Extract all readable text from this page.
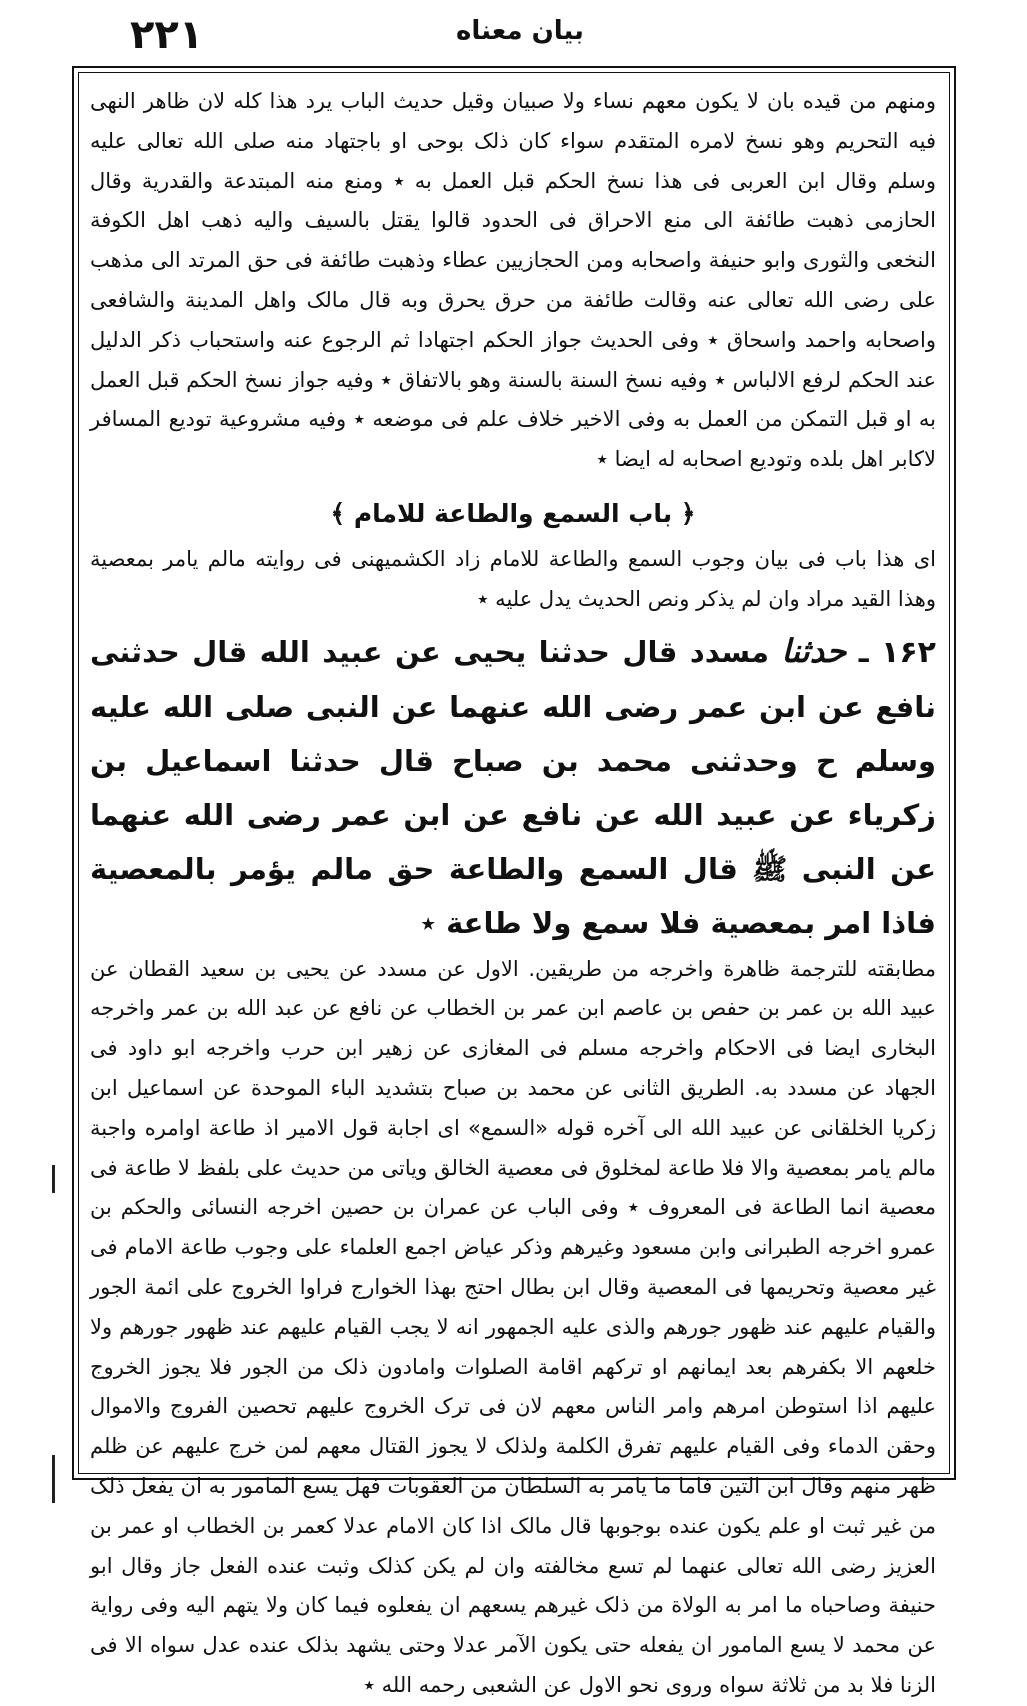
۲۲۱	بیان معناه

ومنهم من قیده بان لا یکون معهم نساء ولا صبیان وقیل حدیث الباب یرد هذا کله لان ظاهر النهی فیه التحریم وهو نسخ لامره المتقدم سواء کان ذلک بوحی او باجتهاد منه صلی الله تعالی علیه وسلم وقال ابن العربی فی هذا نسخ الحکم قبل العمل به ٭ ومنع منه المبتدعة والقدریة وقال الحازمی ذهبت طائفة الی منع الاحراق فی الحدود قالوا یقتل بالسیف والیه ذهب اهل الکوفة النخعی والثوری وابو حنیفة واصحابه ومن الحجازیین عطاء وذهبت طائفة فی حق المرتد الی مذهب علی رضی الله تعالی عنه وقالت طائفة من حرق یحرق وبه قال مالک واهل المدینة والشافعی واصحابه واحمد واسحاق ٭ وفی الحدیث جواز الحکم اجتهادا ثم الرجوع عنه واستحباب ذکر الدلیل عند الحکم لرفع الالباس ٭ وفیه نسخ السنة بالسنة وهو بالاتفاق ٭ وفیه جواز نسخ الحکم قبل العمل به او قبل التمکن من العمل به وفی الاخیر خلاف علم فی موضعه ٭ وفیه مشروعیة تودیع المسافر لاکابر اهل بلده وتودیع اصحابه له ایضا ٭

﴿ باب السمع والطاعة للامام ﴾

ای هذا باب فی بیان وجوب السمع والطاعة للامام زاد الکشمیهنی فی روایته مالم یامر بمعصیة وهذا القید مراد وان لم یذکر ونص الحدیث یدل علیه ٭

۱۶۲ ـ حدثنا مسدد قال حدثنا یحیی عن عبید الله قال حدثنی نافع عن ابن عمر رضی الله عنهما عن النبی صلی الله علیه وسلم ح وحدثنی محمد بن صباح قال حدثنا اسماعیل بن زکریاء عن عبید الله عن نافع عن ابن عمر رضی الله عنهما عن النبی ﷺ قال السمع والطاعة حق مالم یؤمر بالمعصیة فاذا امر بمعصیة فلا سمع ولا طاعة ٭

مطابقته للترجمة ظاهرة واخرجه من طریقین. الاول عن مسدد عن یحیی بن سعید القطان عن عبید الله بن عمر بن حفص بن عاصم ابن عمر بن الخطاب عن نافع عن عبد الله بن عمر واخرجه البخاری ایضا فی الاحکام واخرجه مسلم فی المغازی عن زهیر ابن حرب واخرجه ابو داود فی الجهاد عن مسدد به. الطریق الثانی عن محمد بن صباح بتشدید الباء الموحدة عن اسماعیل ابن زکریا الخلقانی عن عبید الله الی آخره قوله «السمع» ای اجابة قول الامیر اذ طاعة اوامره واجبة مالم یامر بمعصیة والا فلا طاعة لمخلوق فی معصیة الخالق ویاتی من حدیث علی بلفظ لا طاعة فی معصیة انما الطاعة فی المعروف ٭ وفی الباب عن عمران بن حصین اخرجه النسائی والحکم بن عمرو اخرجه الطبرانی وابن مسعود وغیرهم وذکر عیاض اجمع العلماء علی وجوب طاعة الامام فی غیر معصیة وتحریمها فی المعصیة وقال ابن بطال احتج بهذا الخوارج فراوا الخروج علی ائمة الجور والقیام علیهم عند ظهور جورهم والذی علیه الجمهور انه لا یجب القیام علیهم عند ظهور جورهم ولا خلعهم الا بکفرهم بعد ایمانهم او ترکهم اقامة الصلوات وامادون ذلک من الجور فلا یجوز الخروج علیهم اذا استوطن امرهم وامر الناس معهم لان فی ترک الخروج علیهم تحصین الفروج والاموال وحقن الدماء وفی القیام علیهم تفرق الکلمة ولذلک لا یجوز القتال معهم لمن خرج علیهم عن ظلم ظهر منهم وقال ابن التین فاما ما یامر به السلطان من العقوبات فهل یسع المامور به ان یفعل ذلک من غیر ثبت او علم یکون عنده بوجوبها قال مالک اذا کان الامام عدلا کعمر بن الخطاب او عمر بن العزیز رضی الله تعالی عنهما لم تسع مخالفته وان لم یکن کذلک وثبت عنده الفعل جاز وقال ابو حنیفة وصاحباه ما امر به الولاة من ذلک غیرهم یسعهم ان یفعلوه فیما کان ولا یتهم الیه وفی روایة عن محمد لا یسع المامور ان یفعله حتی یکون الآمر عدلا وحتی یشهد بذلک عنده عدل سواه الا فی الزنا فلا بد من ثلاثة سواه وروی نحو الاول عن الشعبی رحمه الله ٭
